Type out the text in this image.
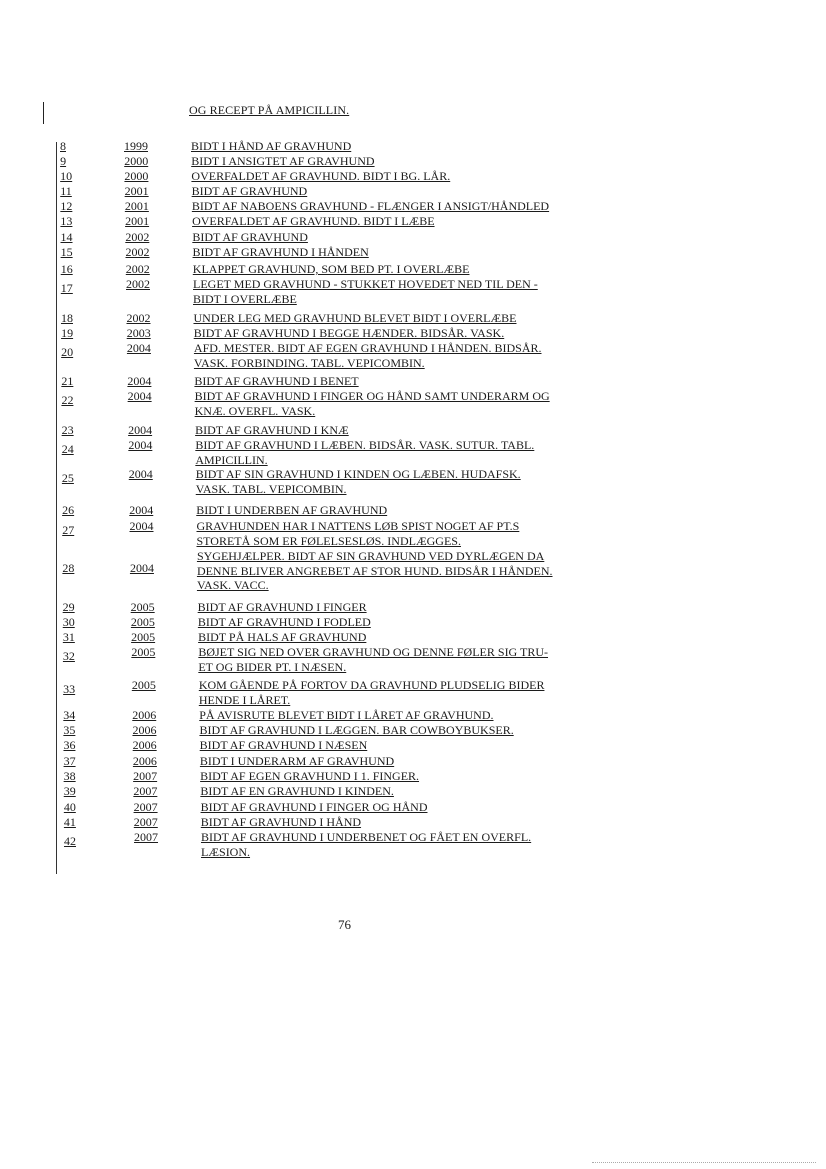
OG RECEPT PÅ AMPICILLIN.
8	1999	BIDT I HÅND AF GRAVHUND
9	2000	BIDT I ANSIGTET AF GRAVHUND
10	2000	OVERFALDET AF GRAVHUND. BIDT I BG. LÅR.
11	2001	BIDT AF GRAVHUND
12	2001	BIDT AF NABOENS GRAVHUND - FLÆNGER I ANSIGT/HÅNDLED
13	2001	OVERFALDET AF GRAVHUND. BIDT I LÆBE
14	2002	BIDT AF GRAVHUND
15	2002	BIDT AF GRAVHUND I HÅNDEN
16	2002	KLAPPET GRAVHUND, SOM BED PT. I OVERLÆBE
17	2002	LEGET MED GRAVHUND - STUKKET HOVEDET NED TIL DEN -
BIDT I OVERLÆBE
18	2002	UNDER LEG MED GRAVHUND BLEVET BIDT I OVERLÆBE
19	2003	BIDT AF GRAVHUND I BEGGE HÆNDER. BIDSÅR. VASK.
20	2004	AFD. MESTER. BIDT AF EGEN GRAVHUND I HÅNDEN. BIDSÅR.
VASK. FORBINDING. TABL. VEPICOMBIN.
21	2004	BIDT AF GRAVHUND I BENET
22	2004	BIDT AF GRAVHUND I FINGER OG HÅND SAMT UNDERARM OG
KNÆ. OVERFL. VASK.
23	2004	BIDT AF GRAVHUND I KNÆ
24	2004	BIDT AF GRAVHUND I LÆBEN. BIDSÅR. VASK. SUTUR. TABL.
AMPICILLIN.
25	2004	BIDT AF SIN GRAVHUND I KINDEN OG LÆBEN. HUDAFSK.
VASK. TABL. VEPICOMBIN.
26	2004	BIDT I UNDERBEN AF GRAVHUND
27	2004	GRAVHUNDEN HAR I NATTENS LØB SPIST NOGET AF PT.S
STORETÅ SOM ER FØLELSESLØS. INDLÆGGES.
28	2004
SYGEHJÆLPER. BIDT AF SIN GRAVHUND VED DYRLÆGEN DA
DENNE BLIVER ANGREBET AF STOR HUND. BIDSÅR I HÅNDEN.
VASK. VACC.
29	2005	BIDT AF GRAVHUND I FINGER
30	2005	BIDT AF GRAVHUND I FODLED
31	2005	BIDT PÅ HALS AF GRAVHUND
32	2005	BØJET SIG NED OVER GRAVHUND OG DENNE FØLER SIG TRU-
ET OG BIDER PT. I NÆSEN.
33	2005	KOM GÅENDE PÅ FORTOV DA GRAVHUND PLUDSELIG BIDER
HENDE I LÅRET.
34	2006	PÅ AVISRUTE BLEVET BIDT I LÅRET AF GRAVHUND.
35	2006	BIDT AF GRAVHUND I LÆGGEN. BAR COWBOYBUKSER.
36	2006	BIDT AF GRAVHUND I NÆSEN
37	2006	BIDT I UNDERARM AF GRAVHUND
38	2007	BIDT AF EGEN GRAVHUND I 1. FINGER.
39	2007	BIDT AF EN GRAVHUND I KINDEN.
40	2007	BIDT AF GRAVHUND I FINGER OG HÅND
41	2007	BIDT AF GRAVHUND I HÅND
42	2007	BIDT AF GRAVHUND I UNDERBENET OG FÅET EN OVERFL.
LÆSION.
76
